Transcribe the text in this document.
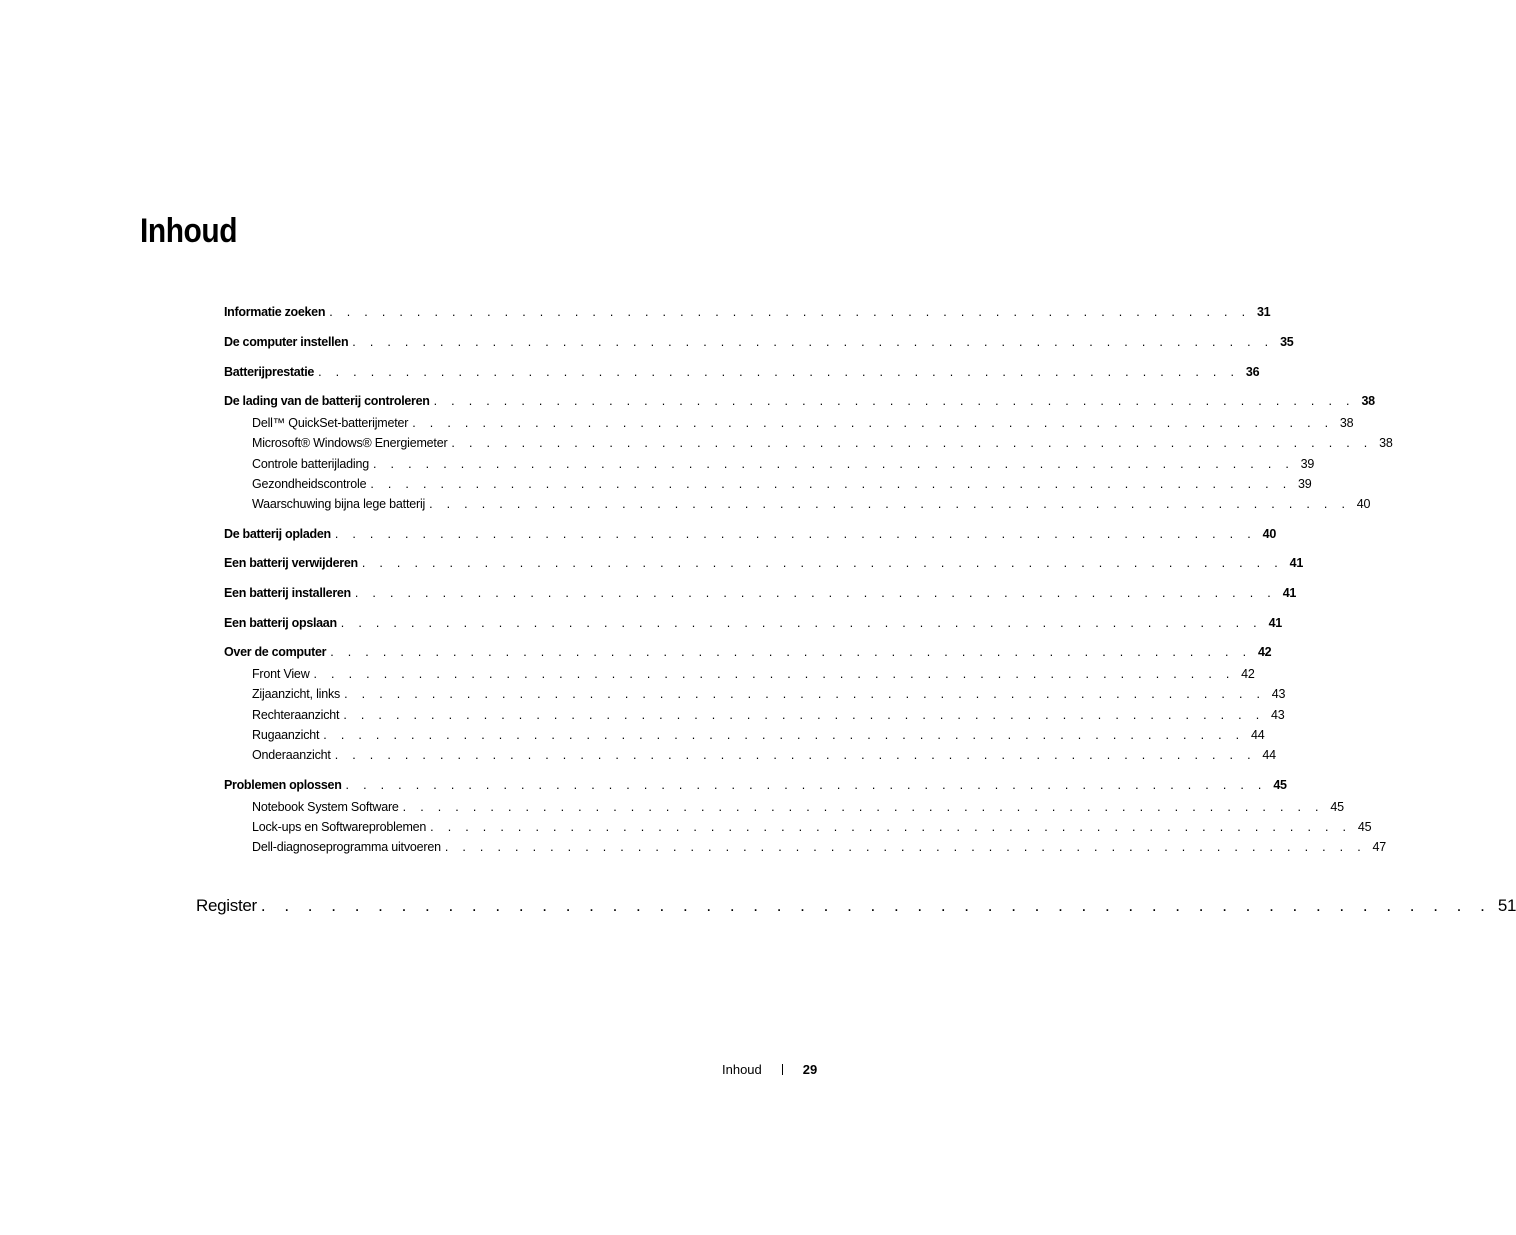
Inhoud
Informatie zoeken . . . . . . . . . . . . . . . . . . . . . . . . . . . . . . . . . . . . . . . . . . . . . . . . . . . . . 31
De computer instellen . . . . . . . . . . . . . . . . . . . . . . . . . . . . . . . . . . . . . . . . . . . . . . . . . . . . . 35
Batterijprestatie . . . . . . . . . . . . . . . . . . . . . . . . . . . . . . . . . . . . . . . . . . . . . . . . . . . . . 36
De lading van de batterij controleren . . . . . . . . . . . . . . . . . . . . . . . . . . . . . . . . . . . . . . . . . . . . . . . . . . . . . 38
Dell™ QuickSet-batterijmeter . . . . . . . . . . . . . . . . . . . . . . . . . . . . . . . . . . . . . . . . . . . . . . . . . . . . . 38
Microsoft® Windows® Energiemeter . . . . . . . . . . . . . . . . . . . . . . . . . . . . . . . . . . . . . . . . . . . . . . . . . . . . . 38
Controle batterijlading . . . . . . . . . . . . . . . . . . . . . . . . . . . . . . . . . . . . . . . . . . . . . . . . . . . . . 39
Gezondheidscontrole . . . . . . . . . . . . . . . . . . . . . . . . . . . . . . . . . . . . . . . . . . . . . . . . . . . . . 39
Waarschuwing bijna lege batterij . . . . . . . . . . . . . . . . . . . . . . . . . . . . . . . . . . . . . . . . . . . . . . . . . . . . . 40
De batterij opladen . . . . . . . . . . . . . . . . . . . . . . . . . . . . . . . . . . . . . . . . . . . . . . . . . . . . . 40
Een batterij verwijderen . . . . . . . . . . . . . . . . . . . . . . . . . . . . . . . . . . . . . . . . . . . . . . . . . . . . . 41
Een batterij installeren . . . . . . . . . . . . . . . . . . . . . . . . . . . . . . . . . . . . . . . . . . . . . . . . . . . . . 41
Een batterij opslaan . . . . . . . . . . . . . . . . . . . . . . . . . . . . . . . . . . . . . . . . . . . . . . . . . . . . . 41
Over de computer . . . . . . . . . . . . . . . . . . . . . . . . . . . . . . . . . . . . . . . . . . . . . . . . . . . . . 42
Front View . . . . . . . . . . . . . . . . . . . . . . . . . . . . . . . . . . . . . . . . . . . . . . . . . . . . . 42
Zijaanzicht, links . . . . . . . . . . . . . . . . . . . . . . . . . . . . . . . . . . . . . . . . . . . . . . . . . . . . . 43
Rechteraanzicht . . . . . . . . . . . . . . . . . . . . . . . . . . . . . . . . . . . . . . . . . . . . . . . . . . . . . 43
Rugaanzicht . . . . . . . . . . . . . . . . . . . . . . . . . . . . . . . . . . . . . . . . . . . . . . . . . . . . . 44
Onderaanzicht . . . . . . . . . . . . . . . . . . . . . . . . . . . . . . . . . . . . . . . . . . . . . . . . . . . . . 44
Problemen oplossen . . . . . . . . . . . . . . . . . . . . . . . . . . . . . . . . . . . . . . . . . . . . . . . . . . . . . 45
Notebook System Software . . . . . . . . . . . . . . . . . . . . . . . . . . . . . . . . . . . . . . . . . . . . . . . . . . . . . 45
Lock-ups en Softwareproblemen . . . . . . . . . . . . . . . . . . . . . . . . . . . . . . . . . . . . . . . . . . . . . . . . . . . . . 45
Dell-diagnoseprogramma uitvoeren . . . . . . . . . . . . . . . . . . . . . . . . . . . . . . . . . . . . . . . . . . . . . . . . . . . . . 47
Register . . . . . . . . . . . . . . . . . . . . . . . . . . . . . . . . . . . . . . . . . . . . . . . . . . . . . 51
Inhoud	29
